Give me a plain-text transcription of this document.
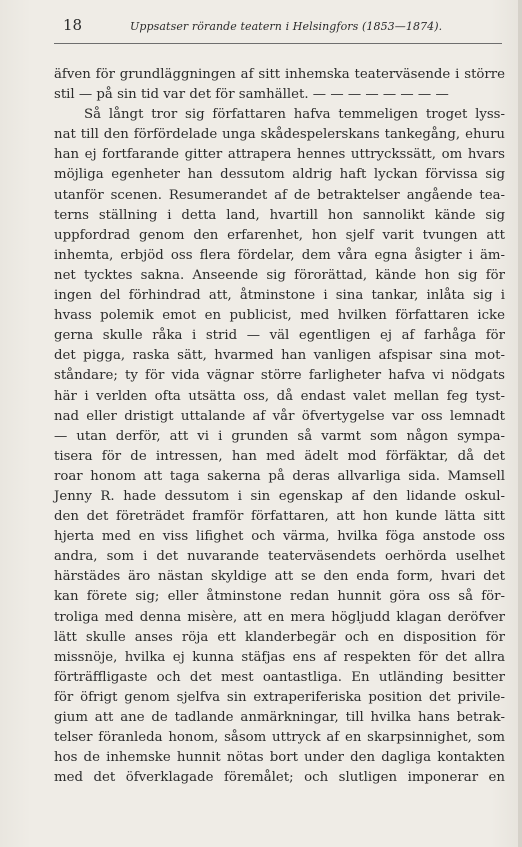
18	Uppsatser rörande teatern i Helsingfors (1853—1874).
äfven för grundläggningen af sitt inhemska teaterväsende i större
stil — på sin tid var det för samhället. — — — — — — — —
Så långt tror sig författaren hafva temmeligen troget lyss-
nat till den förfördelade unga skådespelerskans tankegång, ehuru
han ej fortfarande gitter attrapera hennes uttryckssätt, om hvars
möjliga egenheter han dessutom aldrig haft lyckan förvissa sig
utanför scenen. Resumerandet af de betraktelser angående tea-
terns ställning i detta land, hvartill hon sannolikt kände sig
uppfordrad genom den erfarenhet, hon sjelf varit tvungen att
inhemta, erbjöd oss flera fördelar, dem våra egna åsigter i äm-
net tycktes sakna. Anseende sig förorättad, kände hon sig för
ingen del förhindrad att, åtminstone i sina tankar, inlåta sig i
hvass polemik emot en publicist, med hvilken författaren icke
gerna skulle råka i strid — väl egentligen ej af farhåga för
det pigga, raska sätt, hvarmed han vanligen afspisar sina mot-
ståndare; ty för vida vägnar större farligheter hafva vi nödgats
här i verlden ofta utsätta oss, då endast valet mellan feg tyst-
nad eller dristigt uttalande af vår öfvertygelse var oss lemnadt
— utan derför, att vi i grunden så varmt som någon sympa-
tisera för de intressen, han med ädelt mod förfäktar, då det
roar honom att taga sakerna på deras allvarliga sida. Mamsell
Jenny R. hade dessutom i sin egenskap af den lidande oskul-
den det företrädet framför författaren, att hon kunde lätta sitt
hjerta med en viss lifighet och värma, hvilka föga anstode oss
andra, som i det nuvarande teaterväsendets oerhörda uselhet
härstädes äro nästan skyldige att se den enda form, hvari det
kan förete sig; eller åtminstone redan hunnit göra oss så för-
troliga med denna misère, att en mera högljudd klagan deröfver
lätt skulle anses röja ett klanderbegär och en disposition för
missnöje, hvilka ej kunna stäfjas ens af respekten för det allra
förträffligaste och det mest oantastliga. En utländing besitter
för öfrigt genom sjelfva sin extraperiferiska position det privile-
gium att ane de tadlande anmärkningar, till hvilka hans betrak-
telser föranleda honom, såsom uttryck af en skarpsinnighet, som
hos de inhemske hunnit nötas bort under den dagliga kontakten
med det öfverklagade föremålet; och slutligen imponerar en
